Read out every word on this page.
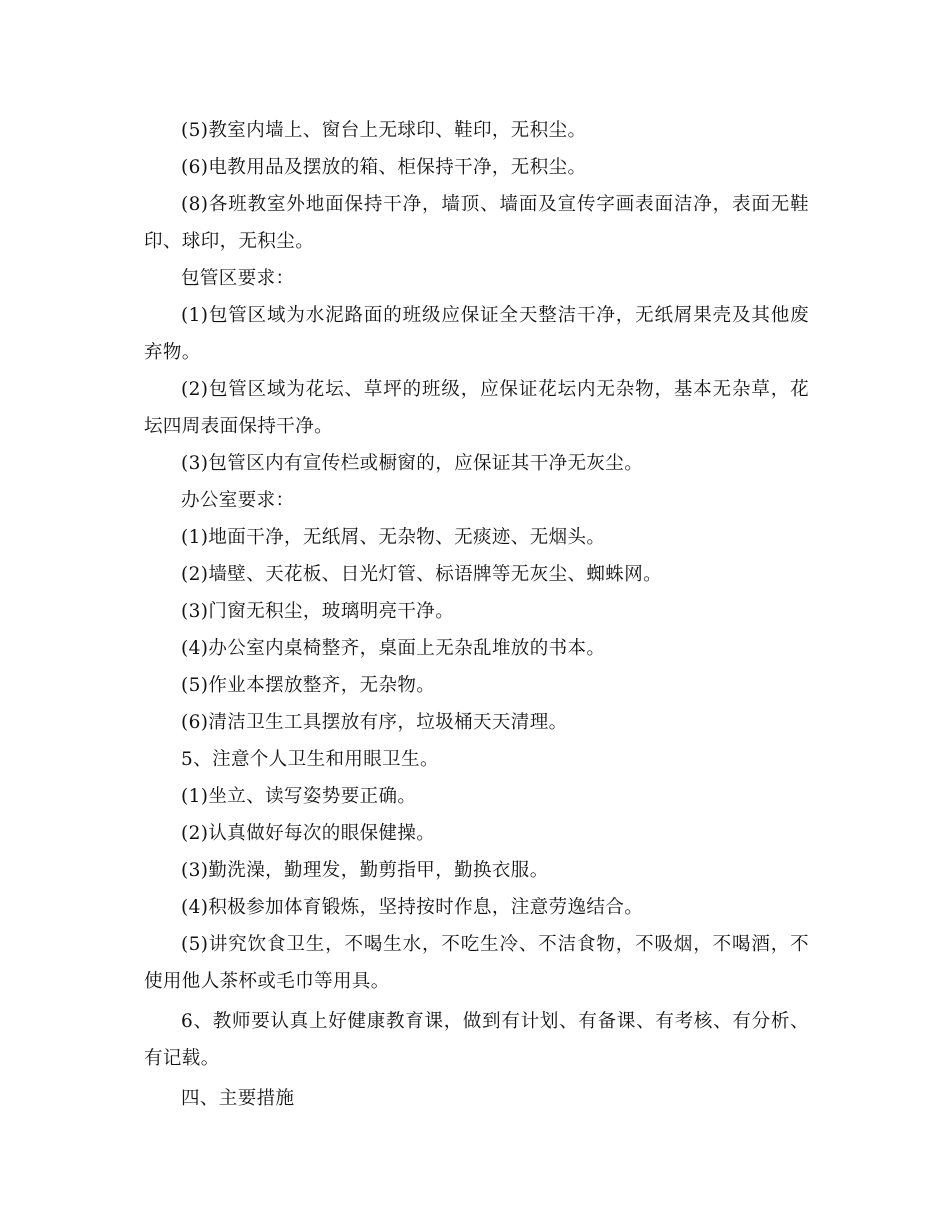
(5)教室内墙上、窗台上无球印、鞋印，无积尘。

(6)电教用品及摆放的箱、柜保持干净，无积尘。

(8)各班教室外地面保持干净，墙顶、墙面及宣传字画表面洁净，表面无鞋印、球印，无积尘。

包管区要求：

(1)包管区域为水泥路面的班级应保证全天整洁干净，无纸屑果壳及其他废弃物。

(2)包管区域为花坛、草坪的班级，应保证花坛内无杂物，基本无杂草，花坛四周表面保持干净。

(3)包管区内有宣传栏或橱窗的，应保证其干净无灰尘。

办公室要求：

(1)地面干净，无纸屑、无杂物、无痰迹、无烟头。

(2)墙壁、天花板、日光灯管、标语牌等无灰尘、蜘蛛网。

(3)门窗无积尘，玻璃明亮干净。

(4)办公室内桌椅整齐，桌面上无杂乱堆放的书本。

(5)作业本摆放整齐，无杂物。

(6)清洁卫生工具摆放有序，垃圾桶天天清理。

5、注意个人卫生和用眼卫生。

(1)坐立、读写姿势要正确。

(2)认真做好每次的眼保健操。

(3)勤洗澡，勤理发，勤剪指甲，勤换衣服。

(4)积极参加体育锻炼，坚持按时作息，注意劳逸结合。

(5)讲究饮食卫生，不喝生水，不吃生冷、不洁食物，不吸烟，不喝酒，不使用他人茶杯或毛巾等用具。

6、教师要认真上好健康教育课，做到有计划、有备课、有考核、有分析、有记载。

四、主要措施
